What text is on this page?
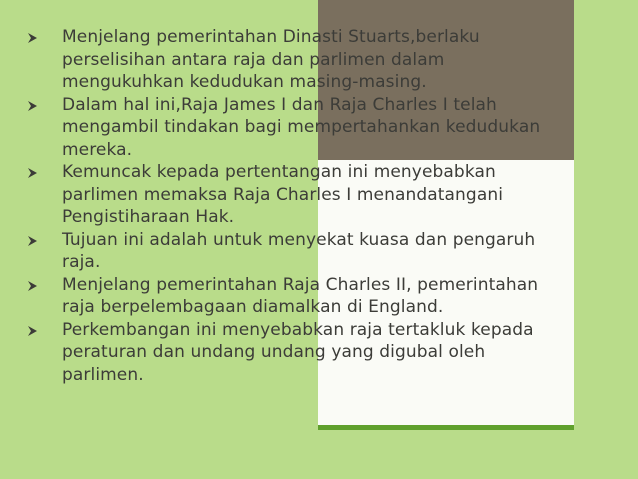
Menjelang pemerintahan Dinasti Stuarts,berlaku
perselisihan antara raja dan parlimen dalam
mengukuhkan kedudukan masing-masing.
Dalam hal ini,Raja James I dan Raja Charles I telah
mengambil tindakan bagi mempertahankan kedudukan
mereka.
Kemuncak kepada pertentangan ini menyebabkan
parlimen memaksa Raja Charles I menandatangani
Pengistiharaan Hak.
Tujuan ini adalah untuk menyekat kuasa dan pengaruh
raja.
Menjelang pemerintahan Raja Charles II, pemerintahan
raja berpelembagaan diamalkan di England.
Perkembangan ini menyebabkan raja tertakluk kepada
peraturan dan undang undang yang digubal oleh
parlimen.
